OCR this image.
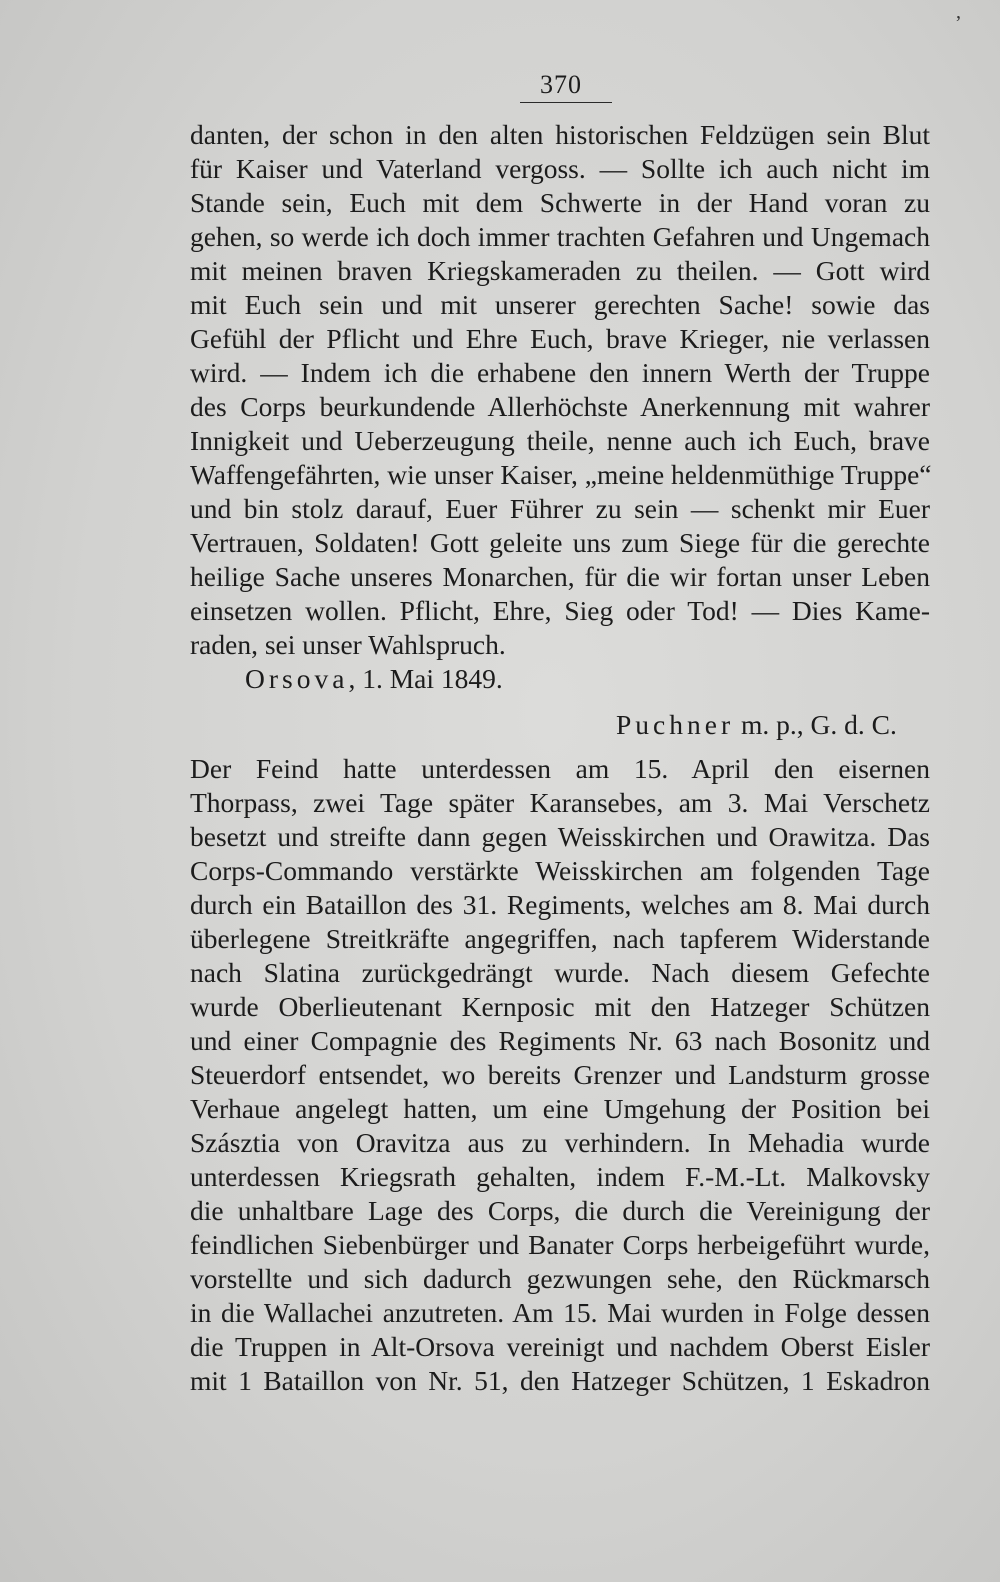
’
370
danten, der schon in den alten historischen Feldzügen sein Blut
für Kaiser und Vaterland vergoss. — Sollte ich auch nicht im
Stande sein, Euch mit dem Schwerte in der Hand voran zu
gehen, so werde ich doch immer trachten Gefahren und Ungemach
mit meinen braven Kriegskameraden zu theilen. — Gott wird
mit Euch sein und mit unserer gerechten Sache! sowie das
Gefühl der Pflicht und Ehre Euch, brave Krieger, nie verlassen
wird. — Indem ich die erhabene den innern Werth der Truppe
des Corps beurkundende Allerhöchste Anerkennung mit wahrer
Innigkeit und Ueberzeugung theile, nenne auch ich Euch, brave
Waffengefährten, wie unser Kaiser, „meine heldenmüthige Truppe“
und bin stolz darauf, Euer Führer zu sein — schenkt mir Euer
Vertrauen, Soldaten! Gott geleite uns zum Siege für die gerechte
heilige Sache unseres Monarchen, für die wir fortan unser Leben
einsetzen wollen. Pflicht, Ehre, Sieg oder Tod! — Dies Kame-
raden, sei unser Wahlspruch.
Orsova, 1. Mai 1849.
Puchner m. p., G. d. C.
Der Feind hatte unterdessen am 15. April den eisernen
Thorpass, zwei Tage später Karansebes, am 3. Mai Verschetz
besetzt und streifte dann gegen Weisskirchen und Orawitza. Das
Corps-Commando verstärkte Weisskirchen am folgenden Tage
durch ein Bataillon des 31. Regiments, welches am 8. Mai durch
überlegene Streitkräfte angegriffen, nach tapferem Widerstande
nach Slatina zurückgedrängt wurde. Nach diesem Gefechte
wurde Oberlieutenant Kernposic mit den Hatzeger Schützen
und einer Compagnie des Regiments Nr. 63 nach Bosonitz und
Steuerdorf entsendet, wo bereits Grenzer und Landsturm grosse
Verhaue angelegt hatten, um eine Umgehung der Position bei
Szásztia von Oravitza aus zu verhindern. In Mehadia wurde
unterdessen Kriegsrath gehalten, indem F.-M.-Lt. Malkovsky
die unhaltbare Lage des Corps, die durch die Vereinigung der
feindlichen Siebenbürger und Banater Corps herbeigeführt wurde,
vorstellte und sich dadurch gezwungen sehe, den Rückmarsch
in die Wallachei anzutreten. Am 15. Mai wurden in Folge dessen
die Truppen in Alt-Orsova vereinigt und nachdem Oberst Eisler
mit 1 Bataillon von Nr. 51, den Hatzeger Schützen, 1 Eskadron
